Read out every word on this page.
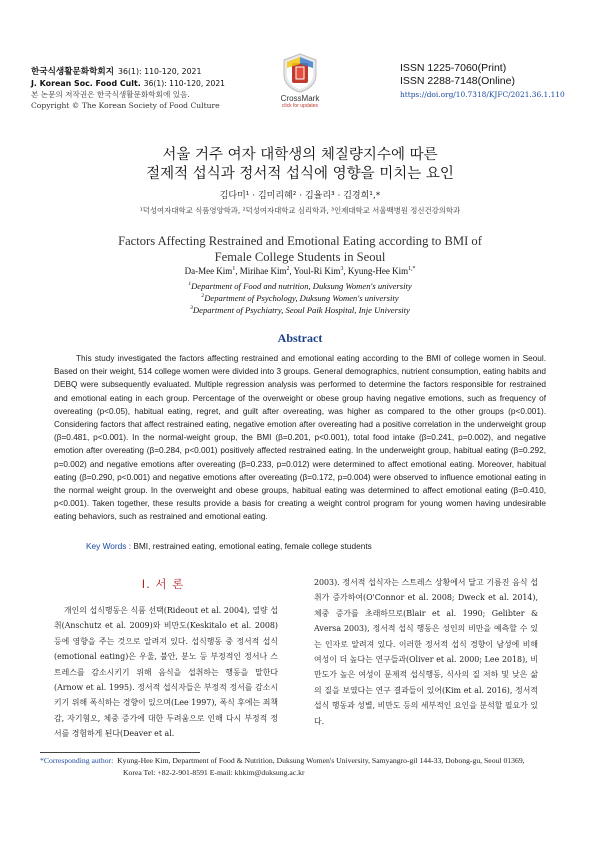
한국식생활문화학회지 36(1): 110-120, 2021
J. Korean Soc. Food Cult. 36(1): 110-120, 2021
본 논문의 저작권은 한국식생활문화학회에 있음.
Copyright © The Korean Society of Food Culture
CrossMark
click for updates
ISSN 1225-7060(Print)
ISSN 2288-7148(Online)
https://doi.org/10.7318/KJFC/2021.36.1.110
서울 거주 여자 대학생의 체질량지수에 따른
절제적 섭식과 정서적 섭식에 영향을 미치는 요인
김다미¹ · 김미리혜² · 김율리³ · 김경희¹,*
¹덕성여자대학교 식품영양학과, ²덕성여자대학교 심리학과, ³인제대학교 서울백병원 정신건강의학과
Factors Affecting Restrained and Emotional Eating according to BMI of
Female College Students in Seoul
Da-Mee Kim$^1$, Mirihae Kim$^2$, Youl-Ri Kim$^3$, Kyung-Hee Kim$^{1,*}$
$^1$Department of Food and nutrition, Duksung Women's university
$^2$Department of Psychology, Duksung Women's university
$^3$Department of Psychiatry, Seoul Paik Hospital, Inje University
Abstract
This study investigated the factors affecting restrained and emotional eating according to the BMI of college women in Seoul. Based on their weight, 514 college women were divided into 3 groups. General demographics, nutrient consumption, eating habits and DEBQ were subsequently evaluated. Multiple regression analysis was performed to determine the factors responsible for restrained and emotional eating in each group. Percentage of the overweight or obese group having negative emotions, such as frequency of overeating (p<0.05), habitual eating, regret, and guilt after overeating, was higher as compared to the other groups (p<0.001). Considering factors that affect restrained eating, negative emotion after overeating had a positive correlation in the underweight group (β=0.481, p<0.001). In the normal-weight group, the BMI (β=0.201, p<0.001), total food intake (β=0.241, p=0.002), and negative emotion after overeating (β=0.284, p<0.001) positively affected restrained eating. In the underweight group, habitual eating (β=0.292, p=0.002) and negative emotions after overeating (β=0.233, p=0.012) were determined to affect emotional eating. Moreover, habitual eating (β=0.290, p<0.001) and negative emotions after overeating (β=0.172, p=0.004) were observed to influence emotional eating in the normal weight group. In the overweight and obese groups, habitual eating was determined to affect emotional eating (β=0.410, p<0.001). Taken together, these results provide a basis for creating a weight control program for young women having undesirable eating behaviors, such as restrained and emotional eating.
Key Words : BMI, restrained eating, emotional eating, female college students
I. 서 론
개인의 섭식행동은 식품 선택(Rideout et al. 2004), 열량 섭취(Anschutz et al. 2009)와 비만도(Keskitalo et al. 2008) 등에 영향을 주는 것으로 알려져 있다. 섭식행동 중 정서적 섭식(emotional eating)은 우울, 불안, 분노 등 부정적인 정서나 스트레스를 감소시키기 위해 음식을 섭취하는 행동을 말한다(Arnow et al. 1995). 정서적 섭식자들은 부정적 정서를 감소시키기 위해 폭식하는 경향이 있으며(Lee 1997), 폭식 후에는 죄책감, 자기혐오, 체중 증가에 대한 두려움으로 인해 다시 부정적 정서를 경험하게 된다(Deaver et al.
2003). 정서적 섭식자는 스트레스 상황에서 달고 기름진 음식 섭취가 증가하여(O'Connor et al. 2008; Dweck et al. 2014), 체중 증가를 초래하므로(Blair et al. 1990; Gelibter & Aversa 2003), 정서적 섭식 행동은 성인의 비만을 예측할 수 있는 인자로 알려져 있다. 이러한 정서적 섭식 경향이 남성에 비해 여성이 더 높다는 연구들과(Oliver et al. 2000; Lee 2018), 비만도가 높은 여성이 문제적 섭식행동, 식사의 질 저하 및 낮은 삶의 질을 보였다는 연구 결과들이 있어(Kim et al. 2016), 정서적 섭식 행동과 성별, 비만도 등의 세부적인 요인을 분석할 필요가 있다.
*Corresponding author: Kyung-Hee Kim, Department of Food & Nutrition, Duksung Women's University, Samyangro-gil 144-33, Dobong-gu, Seoul 01369,
Korea Tel: +82-2-901-8591 E-mail: khkim@duksung.ac.kr
